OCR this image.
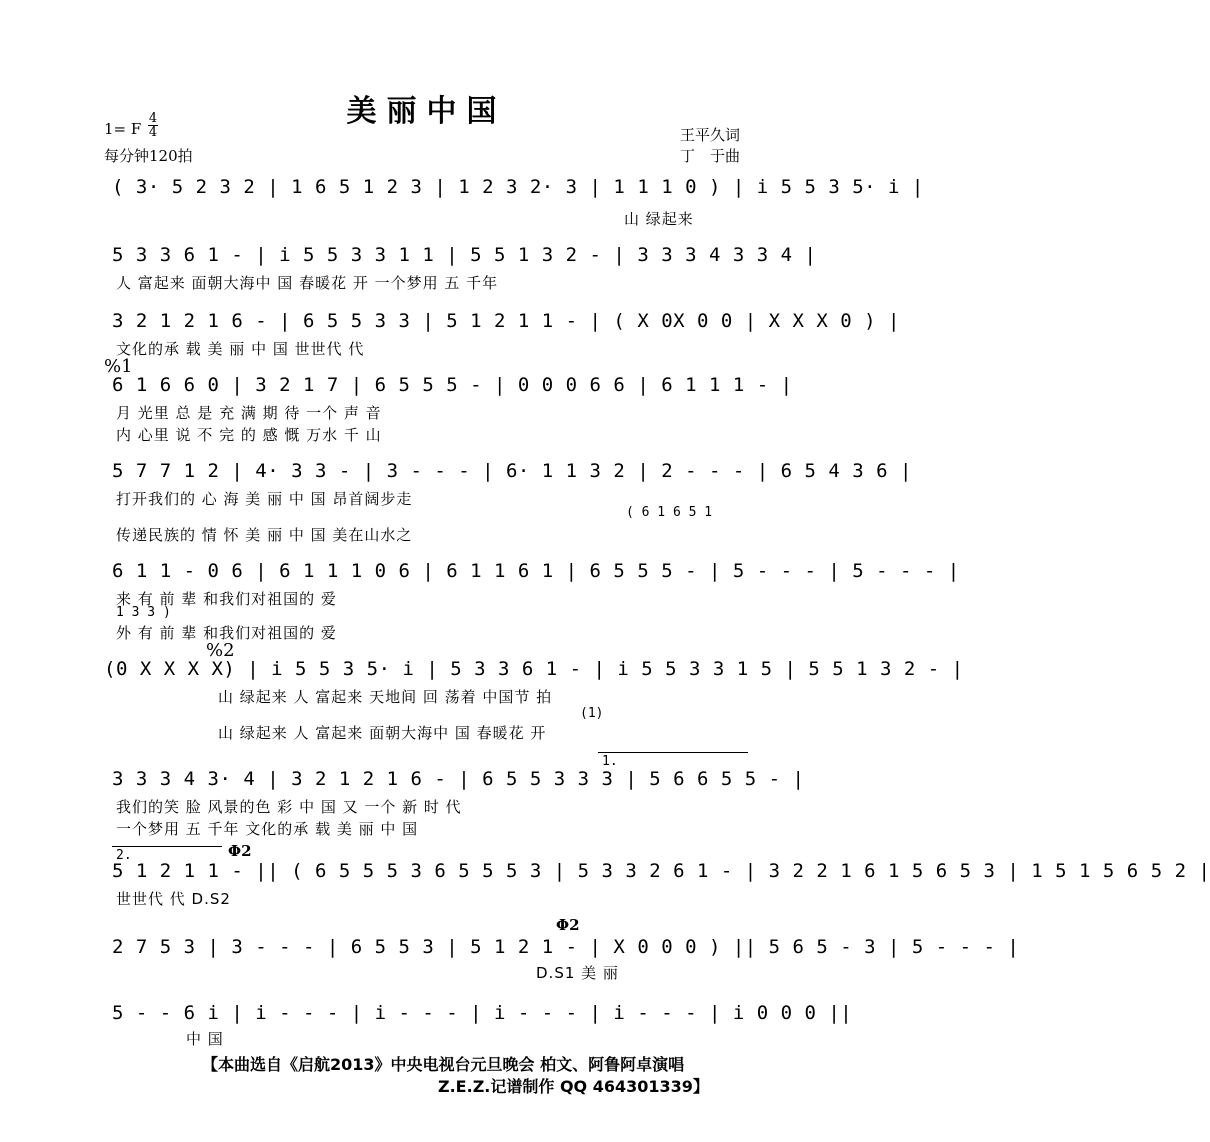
美丽中国
1= F
4
4
每分钟120拍
王平久词
丁　于曲
( 3· 5 2 3 2 | 1 6 5 1 2 3 | 1 2 3 2· 3 | 1 1 1 0 ) | i 5 5 3 5· i |
山 绿起来
5 3 3 6 1 - | i 5 5 3 3 1 1 | 5 5 1 3 2 - | 3 3 3 4 3 3 4 |
人 富起来 面朝大海中 国 春暖花 开 一个梦用 五 千年
3 2 1 2 1 6 - | 6 5 5 3 3 | 5 1 2 1 1 - | ( X 0X 0 0 | X X X 0 ) |
文化的承 载 美 丽 中 国 世世代 代
%1
6 1 6 6 0 | 3 2 1 7 | 6 5 5 5 - | 0 0 0 6 6 | 6 1 1 1 - |
月 光里 总 是 充 满 期 待 一个 声 音
内 心里 说 不 完 的 感 慨 万水 千 山
5 7 7 1 2 | 4· 3 3 - | 3 - - - | 6· 1 1 3 2 | 2 - - - | 6 5 4 3 6 |
打开我们的 心 海 美 丽 中 国 昂首阔步走
( 6 1 6 5 1
传递民族的 情 怀 美 丽 中 国 美在山水之
6 1 1 - 0 6 | 6 1 1 1 0 6 | 6 1 1 6 1 | 6 5 5 5 - | 5 - - - | 5 - - - |
来 有 前 辈 和我们对祖国的 爱
1 3 3 )
外 有 前 辈 和我们对祖国的 爱
%2
(0 X X X X) | i 5 5 3 5· i | 5 3 3 6 1 - | i 5 5 3 3 1 5 | 5 5 1 3 2 - |
山 绿起来 人 富起来 天地间 回 荡着 中国节 拍
(1)
山 绿起来 人 富起来 面朝大海中 国 春暖花 开
1.
3 3 3 4 3· 4 | 3 2 1 2 1 6 - | 6 5 5 3 3 3 | 5 6 6 5 5 - |
我们的笑 脸 风景的色 彩 中 国 又 一个 新 时 代
一个梦用 五 千年 文化的承 载 美 丽 中 国
2.	Φ2
5 1 2 1 1 - || ( 6 5 5 5 3 6 5 5 5 3 | 5 3 3 2 6 1 - | 3 2 2 1 6 1 5 6 5 3 | 1 5 1 5 6 5 2 |
世世代 代 D.S2
Φ2
2 7 5 3 | 3 - - - | 6 5 5 3 | 5 1 2 1 - | X 0 0 0 ) || 5 6 5 - 3 | 5 - - - |
D.S1 美 丽
5 - - 6 i | i - - - | i - - - | i - - - | i - - - | i 0 0 0 ||
中 国
【本曲选自《启航2013》中央电视台元旦晚会 柏文、阿鲁阿卓演唱
Z.E.Z.记谱制作 QQ 464301339】
